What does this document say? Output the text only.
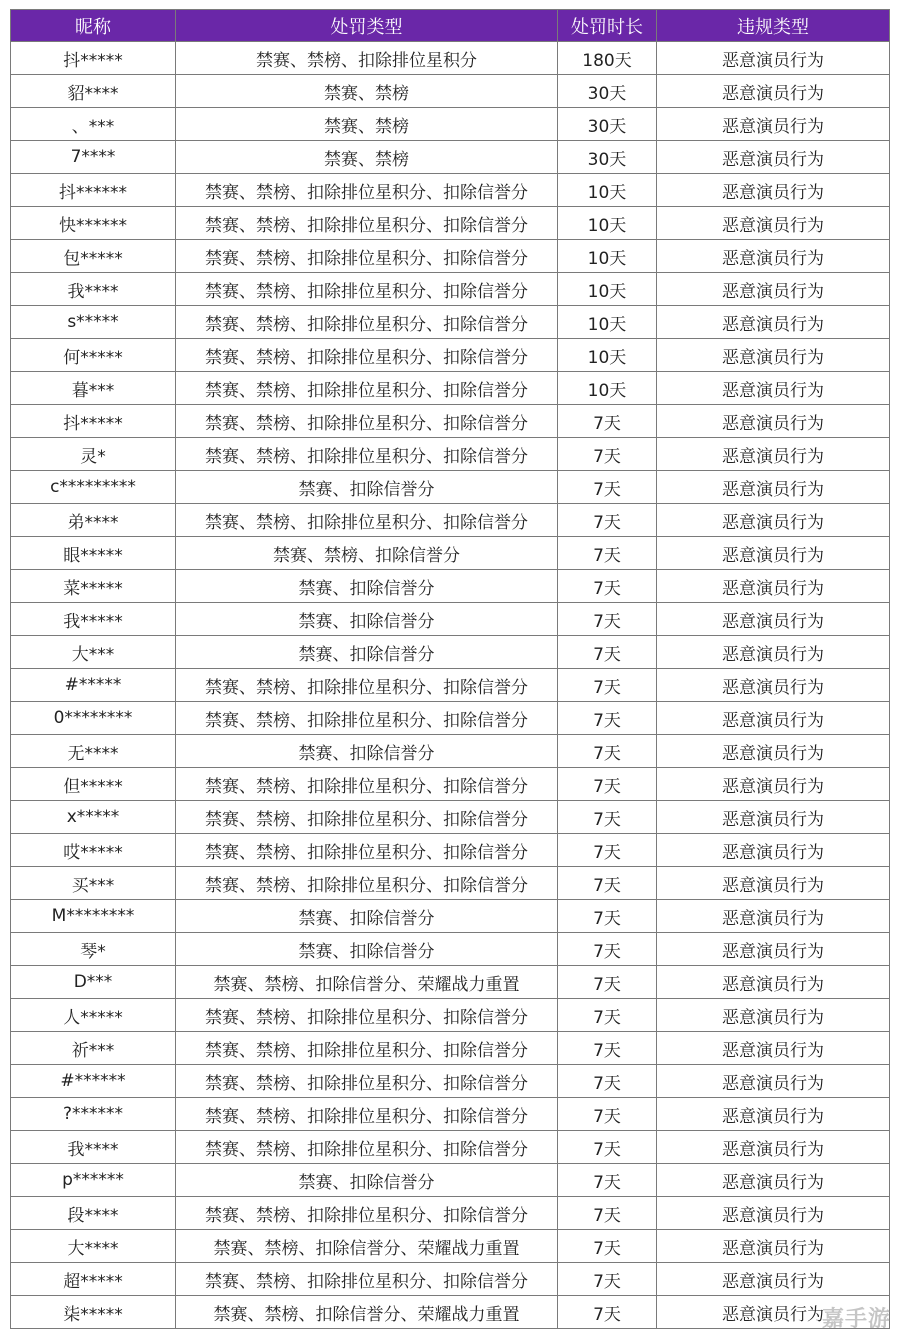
昵称	处罚类型	处罚时长	违规类型
抖*****	禁赛、禁榜、扣除排位星积分	180天	恶意演员行为
貂****	禁赛、禁榜	30天	恶意演员行为
、***	禁赛、禁榜	30天	恶意演员行为
7****	禁赛、禁榜	30天	恶意演员行为
抖******	禁赛、禁榜、扣除排位星积分、扣除信誉分	10天	恶意演员行为
快******	禁赛、禁榜、扣除排位星积分、扣除信誉分	10天	恶意演员行为
包*****	禁赛、禁榜、扣除排位星积分、扣除信誉分	10天	恶意演员行为
我****	禁赛、禁榜、扣除排位星积分、扣除信誉分	10天	恶意演员行为
s*****	禁赛、禁榜、扣除排位星积分、扣除信誉分	10天	恶意演员行为
何*****	禁赛、禁榜、扣除排位星积分、扣除信誉分	10天	恶意演员行为
暮***	禁赛、禁榜、扣除排位星积分、扣除信誉分	10天	恶意演员行为
抖*****	禁赛、禁榜、扣除排位星积分、扣除信誉分	7天	恶意演员行为
灵*	禁赛、禁榜、扣除排位星积分、扣除信誉分	7天	恶意演员行为
c*********	禁赛、扣除信誉分	7天	恶意演员行为
弟****	禁赛、禁榜、扣除排位星积分、扣除信誉分	7天	恶意演员行为
眼*****	禁赛、禁榜、扣除信誉分	7天	恶意演员行为
菜*****	禁赛、扣除信誉分	7天	恶意演员行为
我*****	禁赛、扣除信誉分	7天	恶意演员行为
大***	禁赛、扣除信誉分	7天	恶意演员行为
#*****	禁赛、禁榜、扣除排位星积分、扣除信誉分	7天	恶意演员行为
0********	禁赛、禁榜、扣除排位星积分、扣除信誉分	7天	恶意演员行为
无****	禁赛、扣除信誉分	7天	恶意演员行为
但*****	禁赛、禁榜、扣除排位星积分、扣除信誉分	7天	恶意演员行为
x*****	禁赛、禁榜、扣除排位星积分、扣除信誉分	7天	恶意演员行为
哎*****	禁赛、禁榜、扣除排位星积分、扣除信誉分	7天	恶意演员行为
买***	禁赛、禁榜、扣除排位星积分、扣除信誉分	7天	恶意演员行为
M********	禁赛、扣除信誉分	7天	恶意演员行为
琴*	禁赛、扣除信誉分	7天	恶意演员行为
D***	禁赛、禁榜、扣除信誉分、荣耀战力重置	7天	恶意演员行为
人*****	禁赛、禁榜、扣除排位星积分、扣除信誉分	7天	恶意演员行为
祈***	禁赛、禁榜、扣除排位星积分、扣除信誉分	7天	恶意演员行为
#******	禁赛、禁榜、扣除排位星积分、扣除信誉分	7天	恶意演员行为
?******	禁赛、禁榜、扣除排位星积分、扣除信誉分	7天	恶意演员行为
我****	禁赛、禁榜、扣除排位星积分、扣除信誉分	7天	恶意演员行为
p******	禁赛、扣除信誉分	7天	恶意演员行为
段****	禁赛、禁榜、扣除排位星积分、扣除信誉分	7天	恶意演员行为
大****	禁赛、禁榜、扣除信誉分、荣耀战力重置	7天	恶意演员行为
超*****	禁赛、禁榜、扣除排位星积分、扣除信誉分	7天	恶意演员行为
柒*****	禁赛、禁榜、扣除信誉分、荣耀战力重置	7天	恶意演员行为
嘉手游
